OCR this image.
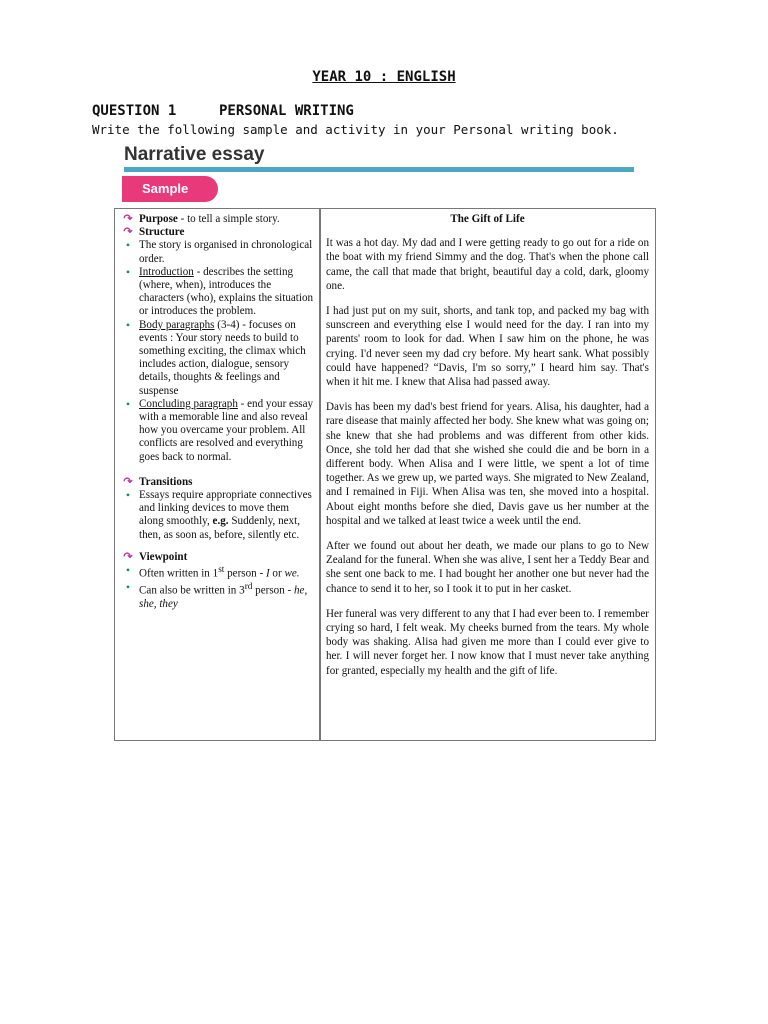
YEAR 10 : ENGLISH
QUESTION 1	PERSONAL WRITING
Write the following sample and activity in your Personal writing book.
Narrative essay
Sample
↷ Purpose - to tell a simple story.
↷ Structure
• The story is organised in chronological order.
• Introduction - describes the setting (where, when), introduces the characters (who), explains the situation or introduces the problem.
• Body paragraphs (3-4) - focuses on events : Your story needs to build to something exciting, the climax which includes action, dialogue, sensory details, thoughts & feelings and suspense
• Concluding paragraph - end your essay with a memorable line and also reveal how you overcame your problem. All conflicts are resolved and everything goes back to normal.
↷ Transitions
• Essays require appropriate connectives and linking devices to move them along smoothly, e.g. Suddenly, next, then, as soon as, before, silently etc.
↷ Viewpoint
• Often written in 1st person - I or we.
• Can also be written in 3rd person - he, she, they
The Gift of Life

It was a hot day. My dad and I were getting ready to go out for a ride on the boat with my friend Simmy and the dog. That's when the phone call came, the call that made that bright, beautiful day a cold, dark, gloomy one.

I had just put on my suit, shorts, and tank top, and packed my bag with sunscreen and everything else I would need for the day. I ran into my parents' room to look for dad. When I saw him on the phone, he was crying. I'd never seen my dad cry before. My heart sank. What possibly could have happened? “Davis, I'm so sorry,” I heard him say. That's when it hit me. I knew that Alisa had passed away.

Davis has been my dad's best friend for years. Alisa, his daughter, had a rare disease that mainly affected her body. She knew what was going on; she knew that she had problems and was different from other kids. Once, she told her dad that she wished she could die and be born in a different body. When Alisa and I were little, we spent a lot of time together. As we grew up, we parted ways. She migrated to New Zealand, and I remained in Fiji. When Alisa was ten, she moved into a hospital. About eight months before she died, Davis gave us her number at the hospital and we talked at least twice a week until the end.

After we found out about her death, we made our plans to go to New Zealand for the funeral. When she was alive, I sent her a Teddy Bear and she sent one back to me. I had bought her another one but never had the chance to send it to her, so I took it to put in her casket.

Her funeral was very different to any that I had ever been to. I remember crying so hard, I felt weak. My cheeks burned from the tears. My whole body was shaking. Alisa had given me more than I could ever give to her. I will never forget her. I now know that I must never take anything for granted, especially my health and the gift of life.
